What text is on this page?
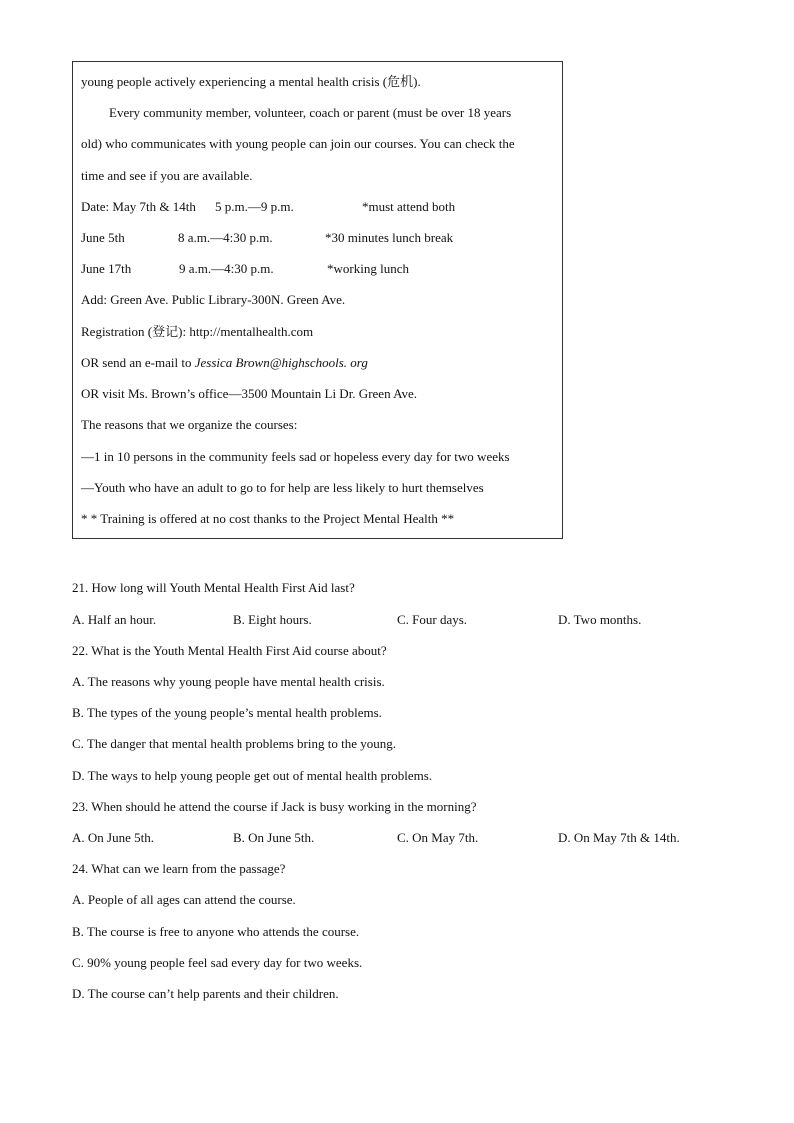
young people actively experiencing a mental health crisis (危机).
Every community member, volunteer, coach or parent (must be over 18 years
old) who communicates with young people can join our courses. You can check the
time and see if you are available.
Date: May 7th & 14th 5 p.m.—9 p.m.	*must attend both
June 5th	8 a.m.—4:30 p.m.	*30 minutes lunch break
June 17th	9 a.m.—4:30 p.m.	*working lunch
Add: Green Ave. Public Library-300N. Green Ave.
Registration (登记): http://mentalhealth.com
OR send an e-mail to Jessica Brown@highschools. org
OR visit Ms. Brown’s office—3500 Mountain Li Dr. Green Ave.
The reasons that we organize the courses:
—1 in 10 persons in the community feels sad or hopeless every day for two weeks
—Youth who have an adult to go to for help are less likely to hurt themselves
* * Training is offered at no cost thanks to the Project Mental Health **
21. How long will Youth Mental Health First Aid last?
A. Half an hour.	B. Eight hours.	C. Four days.	D. Two months.
22. What is the Youth Mental Health First Aid course about?
A. The reasons why young people have mental health crisis.
B. The types of the young people’s mental health problems.
C. The danger that mental health problems bring to the young.
D. The ways to help young people get out of mental health problems.
23. When should he attend the course if Jack is busy working in the morning?
A. On June 5th.	B. On June 5th.	C. On May 7th.	D. On May 7th & 14th.
24. What can we learn from the passage?
A. People of all ages can attend the course.
B. The course is free to anyone who attends the course.
C. 90% young people feel sad every day for two weeks.
D. The course can’t help parents and their children.
